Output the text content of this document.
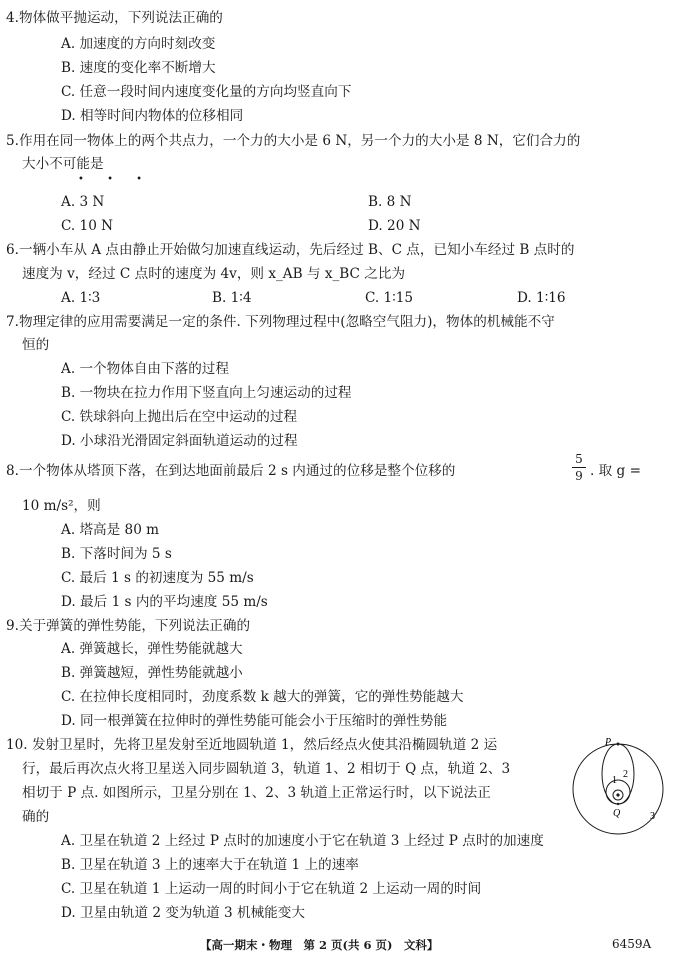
4.物体做平抛运动，下列说法正确的
A. 加速度的方向时刻改变
B. 速度的变化率不断增大
C. 任意一段时间内速度变化量的方向均竖直向下
D. 相等时间内物体的位移相同
5.作用在同一物体上的两个共点力，一个力的大小是 6 N，另一个力的大小是 8 N，它们合力的
大小不可能是
• • •
A. 3 N	B. 8 N
C. 10 N	D. 20 N
6.一辆小车从 A 点由静止开始做匀加速直线运动，先后经过 B、C 点，已知小车经过 B 点时的
速度为 v，经过 C 点时的速度为 4v，则 x_AB 与 x_BC 之比为
A. 1∶3	B. 1∶4	C. 1∶15	D. 1∶16
7.物理定律的应用需要满足一定的条件. 下列物理过程中(忽略空气阻力)，物体的机械能不守
恒的
A. 一个物体自由下落的过程
B. 一物块在拉力作用下竖直向上匀速运动的过程
C. 铁球斜向上抛出后在空中运动的过程
D. 小球沿光滑固定斜面轨道运动的过程
8.一个物体从塔顶下落，在到达地面前最后 2 s 内通过的位移是整个位移的
5
9 . 取 g =
10 m/s²，则
A. 塔高是 80 m
B. 下落时间为 5 s
C. 最后 1 s 的初速度为 55 m/s
D. 最后 1 s 内的平均速度 55 m/s
9.关于弹簧的弹性势能，下列说法正确的
A. 弹簧越长，弹性势能就越大
B. 弹簧越短，弹性势能就越小
C. 在拉伸长度相同时，劲度系数 k 越大的弹簧，它的弹性势能越大
D. 同一根弹簧在拉伸时的弹性势能可能会小于压缩时的弹性势能
10. 发射卫星时，先将卫星发射至近地圆轨道 1，然后经点火使其沿椭圆轨道 2 运
行，最后再次点火将卫星送入同步圆轨道 3，轨道 1、2 相切于 Q 点，轨道 2、3
相切于 P 点. 如图所示，卫星分别在 1、2、3 轨道上正常运行时，以下说法正
确的
A. 卫星在轨道 2 上经过 P 点时的加速度小于它在轨道 3 上经过 P 点时的加速度
B. 卫星在轨道 3 上的速率大于在轨道 1 上的速率
C. 卫星在轨道 1 上运动一周的时间小于它在轨道 2 上运动一周的时间
D. 卫星由轨道 2 变为轨道 3 机械能变大
P
Q
1
2
3
【高一期末・物理　第 2 页(共 6 页)　文科】	6459A
